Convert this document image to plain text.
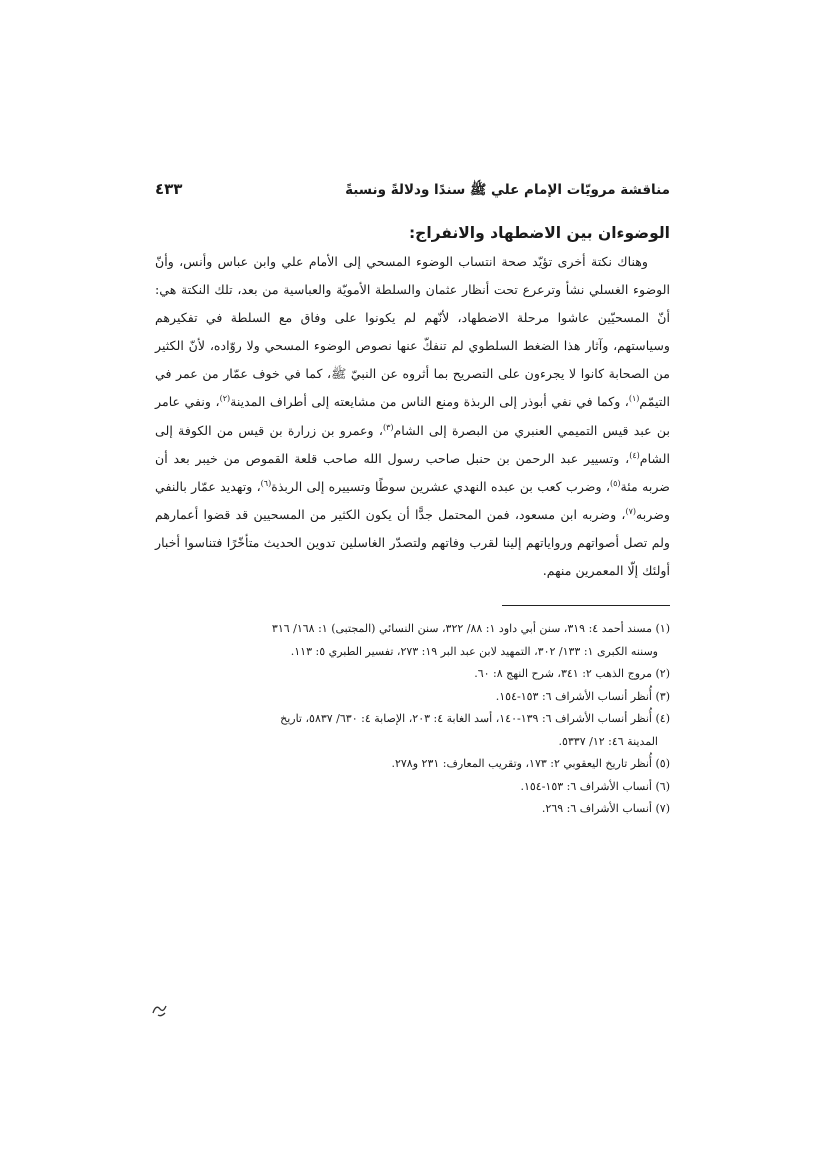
مناقشة مرويّات الإمام علي ﷺ سندًا ودلالةً ونسبةً
٤٣٣
الوضوءان بين الاضطهاد والانفراج:

وهناك نكتة أخرى تؤيّد صحة انتساب الوضوء المسحي إلى الأمام علي وابن عباس وأنس، وأنّ الوضوء الغسلي نشأ وترعرع تحت أنظار عثمان والسلطة الأمويّة والعباسية من بعد، تلك النكتة هي: أنّ المسحيّين عاشوا مرحلة الاضطهاد، لأنّهم لم يكونوا على وفاق مع السلطة في تفكيرهم وسياستهم، وآثار هذا الضغط السلطوي لم تنفكّ عنها نصوص الوضوء المسحي ولا روّاده، لأنّ الكثير من الصحابة كانوا لا يجرءون على التصريح بما أثروه عن النبيّ ﷺ، كما في خوف عمّار من عمر في التيمّم$^{(١)}$، وكما في نفي أبوذر إلى الربذة ومنع الناس من مشايعته إلى أطراف المدينة$^{(٢)}$، ونفي عامر بن عبد قيس التميمي العنبري من البصرة إلى الشام$^{(٣)}$، وعمرو بن زرارة بن قيس من الكوفة إلى الشام$^{(٤)}$، وتسيير عبد الرحمن بن حنبل صاحب رسول الله صاحب قلعة القموص من خيبر بعد أن ضربه مئة$^{(٥)}$، وضرب كعب بن عبده النهدي عشرين سوطًا وتسييره إلى الربذة$^{(٦)}$، وتهديد عمّار بالنفي وضربه$^{(٧)}$، وضربه ابن مسعود، فمن المحتمل جدًّا أن يكون الكثير من المسحيين قد قضوا أعمارهم ولم تصل أصواتهم ورواياتهم إلينا لقرب وفاتهم ولتصدّر الغاسلين تدوين الحديث متأخّرًا فتناسوا أخبار أولئك إلّا المعمرين منهم.

(١) مسند أحمد ٤: ٣١٩، سنن أبي داود ١: ٨٨/ ٣٢٢، سنن النسائي (المجتبى) ١: ١٦٨/ ٣١٦
وسننه الكبرى ١: ١٣٣/ ٣٠٢، التمهيد لابن عبد البر ١٩: ٢٧٣، تفسير الطبري ٥: ١١٣.
(٢) مروج الذهب ٢: ٣٤١، شرح النهج ٨: ٦٠.
(٣) أُنظر أنساب الأشراف ٦: ١٥٣-١٥٤.
(٤) أُنظر أنساب الأشراف ٦: ١٣٩-١٤٠، أسد الغابة ٤: ٢٠٣، الإصابة ٤: ٦٣٠/ ٥٨٣٧، تاريخ
المدينة ٤٦: ١٢/ ٥٣٣٧.
(٥) أُنظر تاريخ اليعقوبي ٢: ١٧٣، وتقريب المعارف: ٢٣١ و٢٧٨.
(٦) أنساب الأشراف ٦: ١٥٣-١٥٤.
(٧) أنساب الأشراف ٦: ٢٦٩.
